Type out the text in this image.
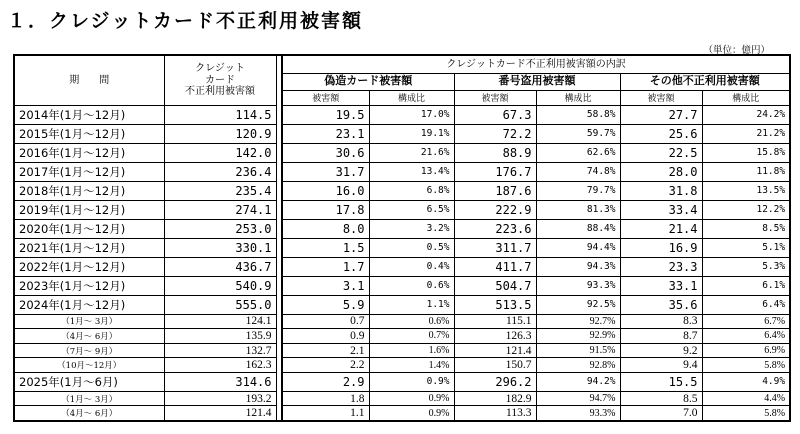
１．クレジットカード不正利用被害額
（単位：億円）
期　　間	クレジット
カード
不正利用被害額		クレジットカード不正利用被害額の内訳					
			偽造カード被害額		番号盗用被害額		その他不正利用被害額	
			被害額	構成比	被害額	構成比	被害額	構成比
2014年(1月～12月)	114.5		19.5	17.0%	67.3	58.8%	27.7	24.2%
2015年(1月～12月)	120.9		23.1	19.1%	72.2	59.7%	25.6	21.2%
2016年(1月～12月)	142.0		30.6	21.6%	88.9	62.6%	22.5	15.8%
2017年(1月～12月)	236.4		31.7	13.4%	176.7	74.8%	28.0	11.8%
2018年(1月～12月)	235.4		16.0	6.8%	187.6	79.7%	31.8	13.5%
2019年(1月～12月)	274.1		17.8	6.5%	222.9	81.3%	33.4	12.2%
2020年(1月～12月)	253.0		8.0	3.2%	223.6	88.4%	21.4	8.5%
2021年(1月～12月)	330.1		1.5	0.5%	311.7	94.4%	16.9	5.1%
2022年(1月～12月)	436.7		1.7	0.4%	411.7	94.3%	23.3	5.3%
2023年(1月～12月)	540.9		3.1	0.6%	504.7	93.3%	33.1	6.1%
2024年(1月～12月)	555.0		5.9	1.1%	513.5	92.5%	35.6	6.4%
（1月～ 3月）	124.1		0.7	0.6%	115.1	92.7%	8.3	6.7%
（4月～ 6月）	135.9		0.9	0.7%	126.3	92.9%	8.7	6.4%
（7月～ 9月）	132.7		2.1	1.6%	121.4	91.5%	9.2	6.9%
（10月～12月）	162.3		2.2	1.4%	150.7	92.8%	9.4	5.8%
2025年(1月～6月)	314.6		2.9	0.9%	296.2	94.2%	15.5	4.9%
（1月～ 3月）	193.2		1.8	0.9%	182.9	94.7%	8.5	4.4%
（4月～ 6月）	121.4		1.1	0.9%	113.3	93.3%	7.0	5.8%
